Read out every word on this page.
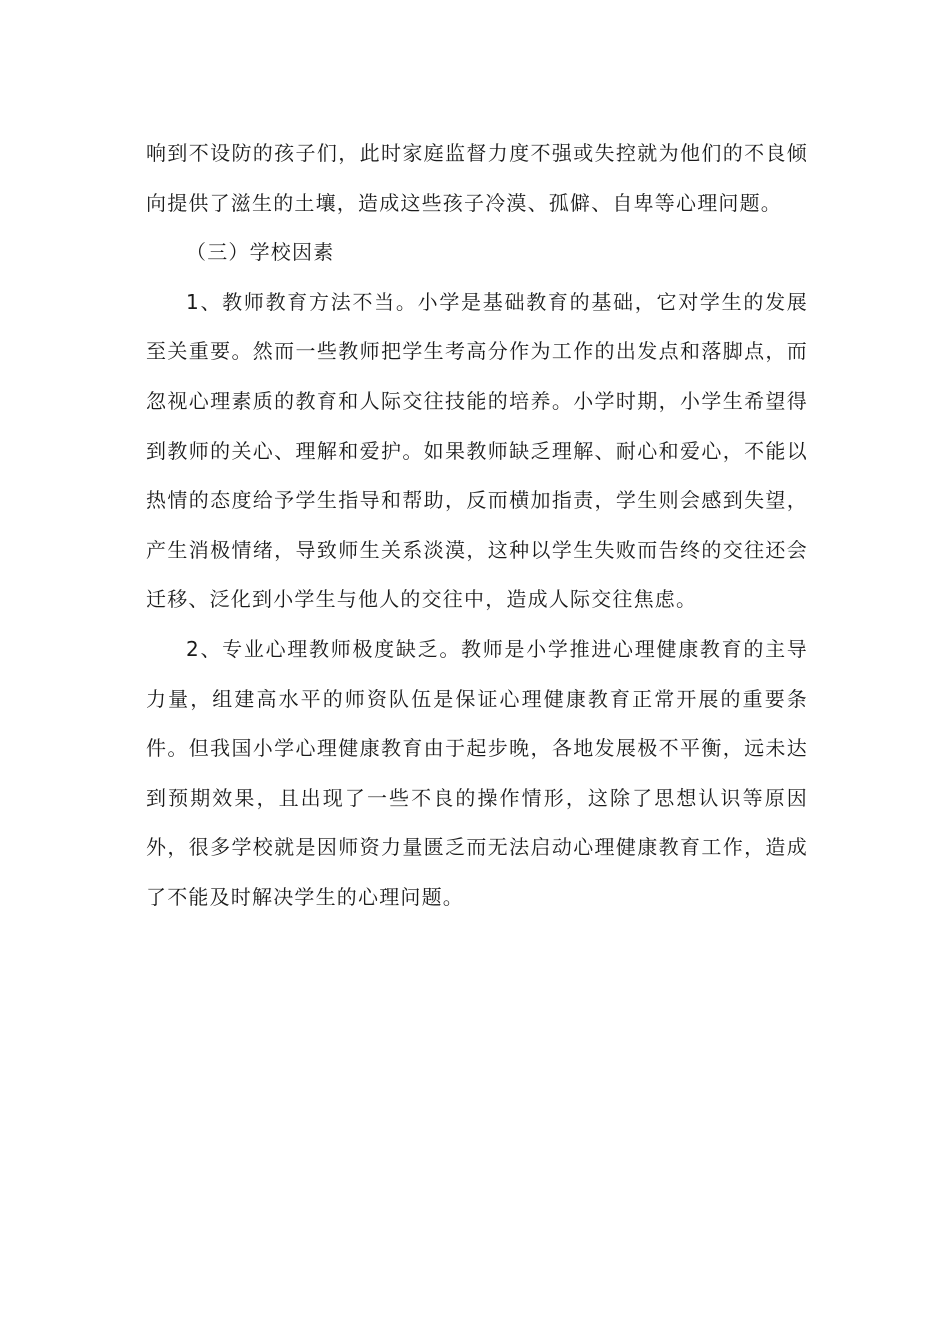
响到不设防的孩子们，此时家庭监督力度不强或失控就为他们的不良倾向提供了滋生的土壤，造成这些孩子冷漠、孤僻、自卑等心理问题。

（三）学校因素

1、教师教育方法不当。小学是基础教育的基础，它对学生的发展至关重要。然而一些教师把学生考高分作为工作的出发点和落脚点，而忽视心理素质的教育和人际交往技能的培养。小学时期，小学生希望得到教师的关心、理解和爱护。如果教师缺乏理解、耐心和爱心，不能以热情的态度给予学生指导和帮助，反而横加指责，学生则会感到失望，产生消极情绪，导致师生关系淡漠，这种以学生失败而告终的交往还会迁移、泛化到小学生与他人的交往中，造成人际交往焦虑。

2、专业心理教师极度缺乏。教师是小学推进心理健康教育的主导力量，组建高水平的师资队伍是保证心理健康教育正常开展的重要条件。但我国小学心理健康教育由于起步晚，各地发展极不平衡，远未达到预期效果，且出现了一些不良的操作情形，这除了思想认识等原因外，很多学校就是因师资力量匮乏而无法启动心理健康教育工作，造成了不能及时解决学生的心理问题。
